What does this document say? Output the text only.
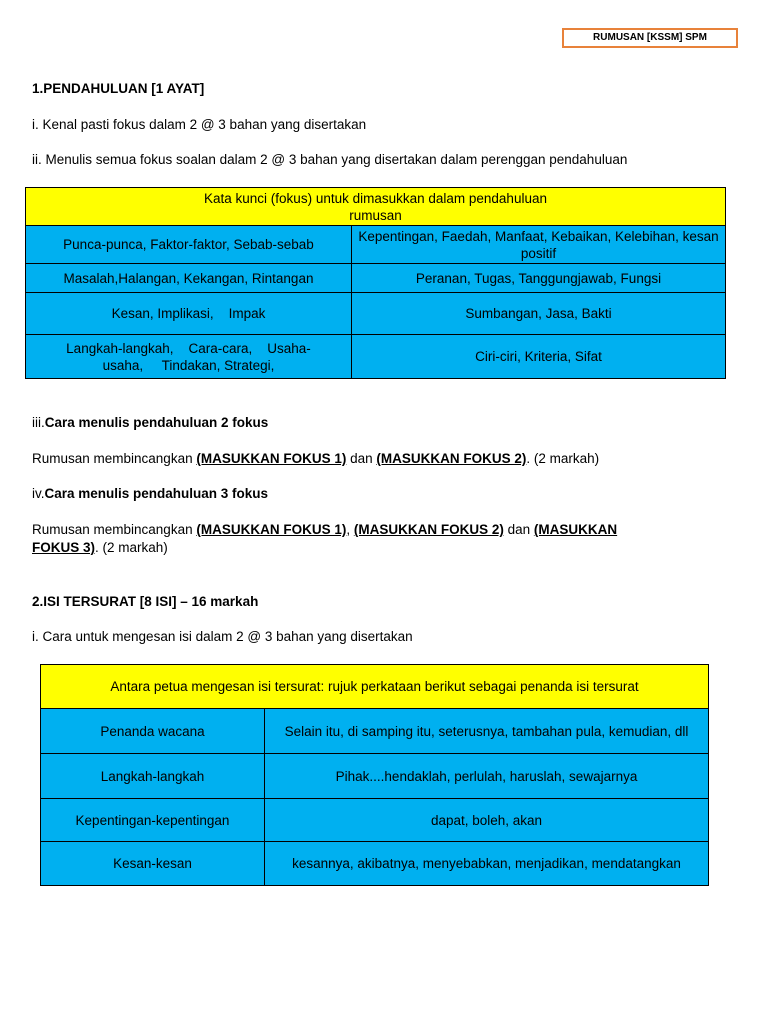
RUMUSAN [KSSM] SPM
1.PENDAHULUAN [1 AYAT]
i. Kenal pasti fokus dalam 2 @ 3 bahan yang disertakan
ii. Menulis semua fokus soalan dalam 2 @ 3 bahan yang disertakan dalam perenggan pendahuluan
Kata kunci (fokus) untuk dimasukkan dalam pendahuluan
rumusan	
Punca-punca, Faktor-faktor, Sebab-sebab	Kepentingan, Faedah, Manfaat, Kebaikan, Kelebihan, kesan positif
Masalah,Halangan, Kekangan, Rintangan	Peranan, Tugas, Tanggungjawab, Fungsi
Kesan, Implikasi,    Impak	Sumbangan, Jasa, Bakti
Langkah-langkah,    Cara-cara,    Usaha-usaha,     Tindakan, Strategi,	Ciri-ciri, Kriteria, Sifat
iii.Cara menulis pendahuluan 2 fokus
Rumusan membincangkan (MASUKKAN FOKUS 1) dan (MASUKKAN FOKUS 2). (2 markah)
iv.Cara menulis pendahuluan 3 fokus
Rumusan membincangkan (MASUKKAN FOKUS 1), (MASUKKAN FOKUS 2) dan (MASUKKAN
FOKUS 3). (2 markah)
2.ISI TERSURAT [8 ISI] – 16 markah
i. Cara untuk mengesan isi dalam 2 @ 3 bahan yang disertakan
Antara petua mengesan isi tersurat: rujuk perkataan berikut sebagai penanda isi tersurat	
Penanda wacana	Selain itu, di samping itu, seterusnya, tambahan pula, kemudian, dll
Langkah-langkah	Pihak....hendaklah, perlulah, haruslah, sewajarnya
Kepentingan-kepentingan	dapat, boleh, akan
Kesan-kesan	kesannya, akibatnya, menyebabkan, menjadikan, mendatangkan
